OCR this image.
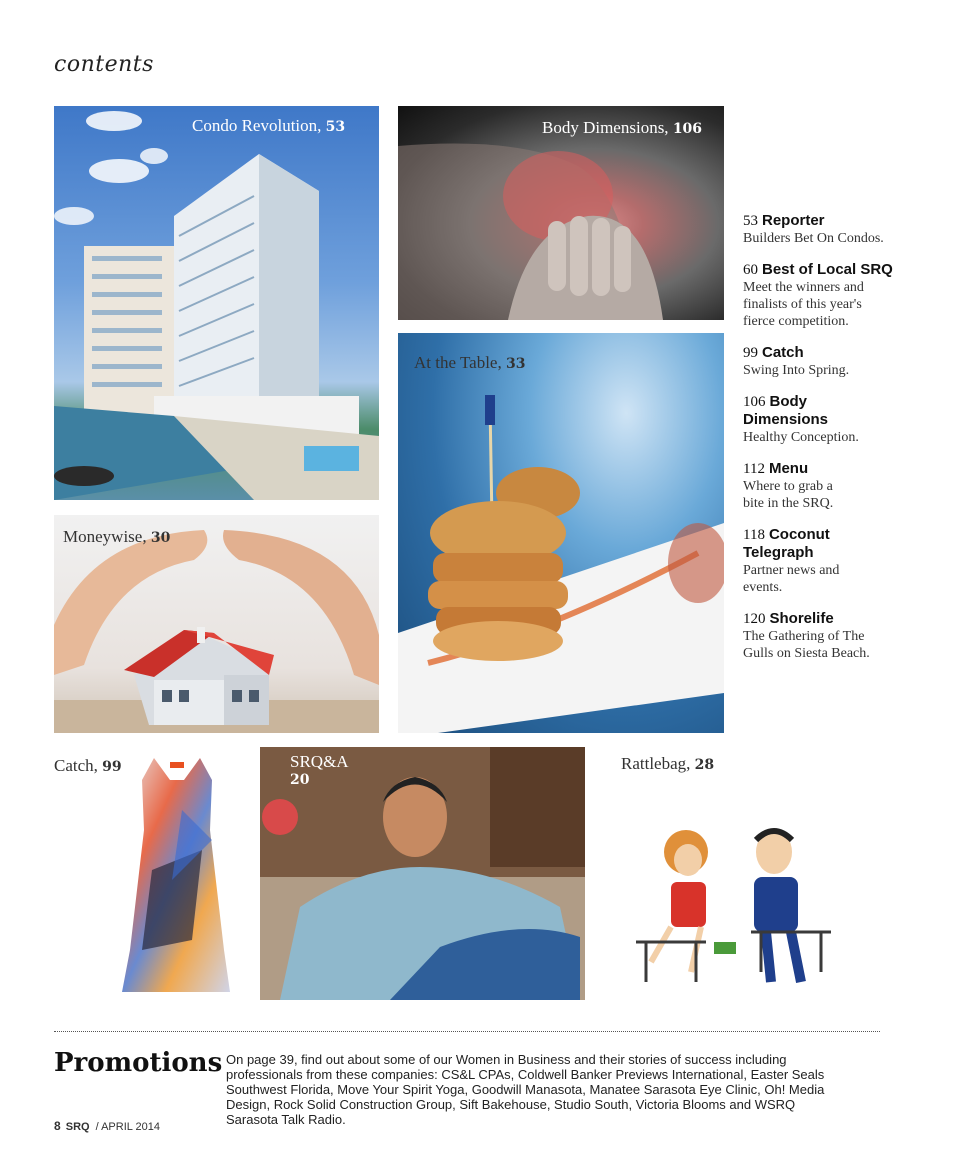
contents
Condo Revolution, 53	Body Dimensions, 106
At the Table, 33
Moneywise, 30
Catch, 99	SRQ&A
20
Rattlebag, 28
53 Reporter
Builders Bet On Condos.
60 Best of Local SRQ
Meet the winners and finalists of this year's fierce competition.
99 Catch
Swing Into Spring.
106 Body Dimensions
Healthy Conception.
112 Menu
Where to grab a bite in the SRQ.
118 Coconut Telegraph
Partner news and events.
120 Shorelife
The Gathering of The Gulls on Siesta Beach.
Promotions On page 39, find out about some of our Women in Business and their stories of success including professionals from these companies: CS&L CPAs, Coldwell Banker Previews International, Easter Seals Southwest Florida, Move Your Spirit Yoga, Goodwill Manasota, Manatee Sarasota Eye Clinic, Oh! Media Design, Rock Solid Construction Group, Sift Bakehouse, Studio South, Victoria Blooms and WSRQ Sarasota Talk Radio.
8 SRQ / APRIL 2014
